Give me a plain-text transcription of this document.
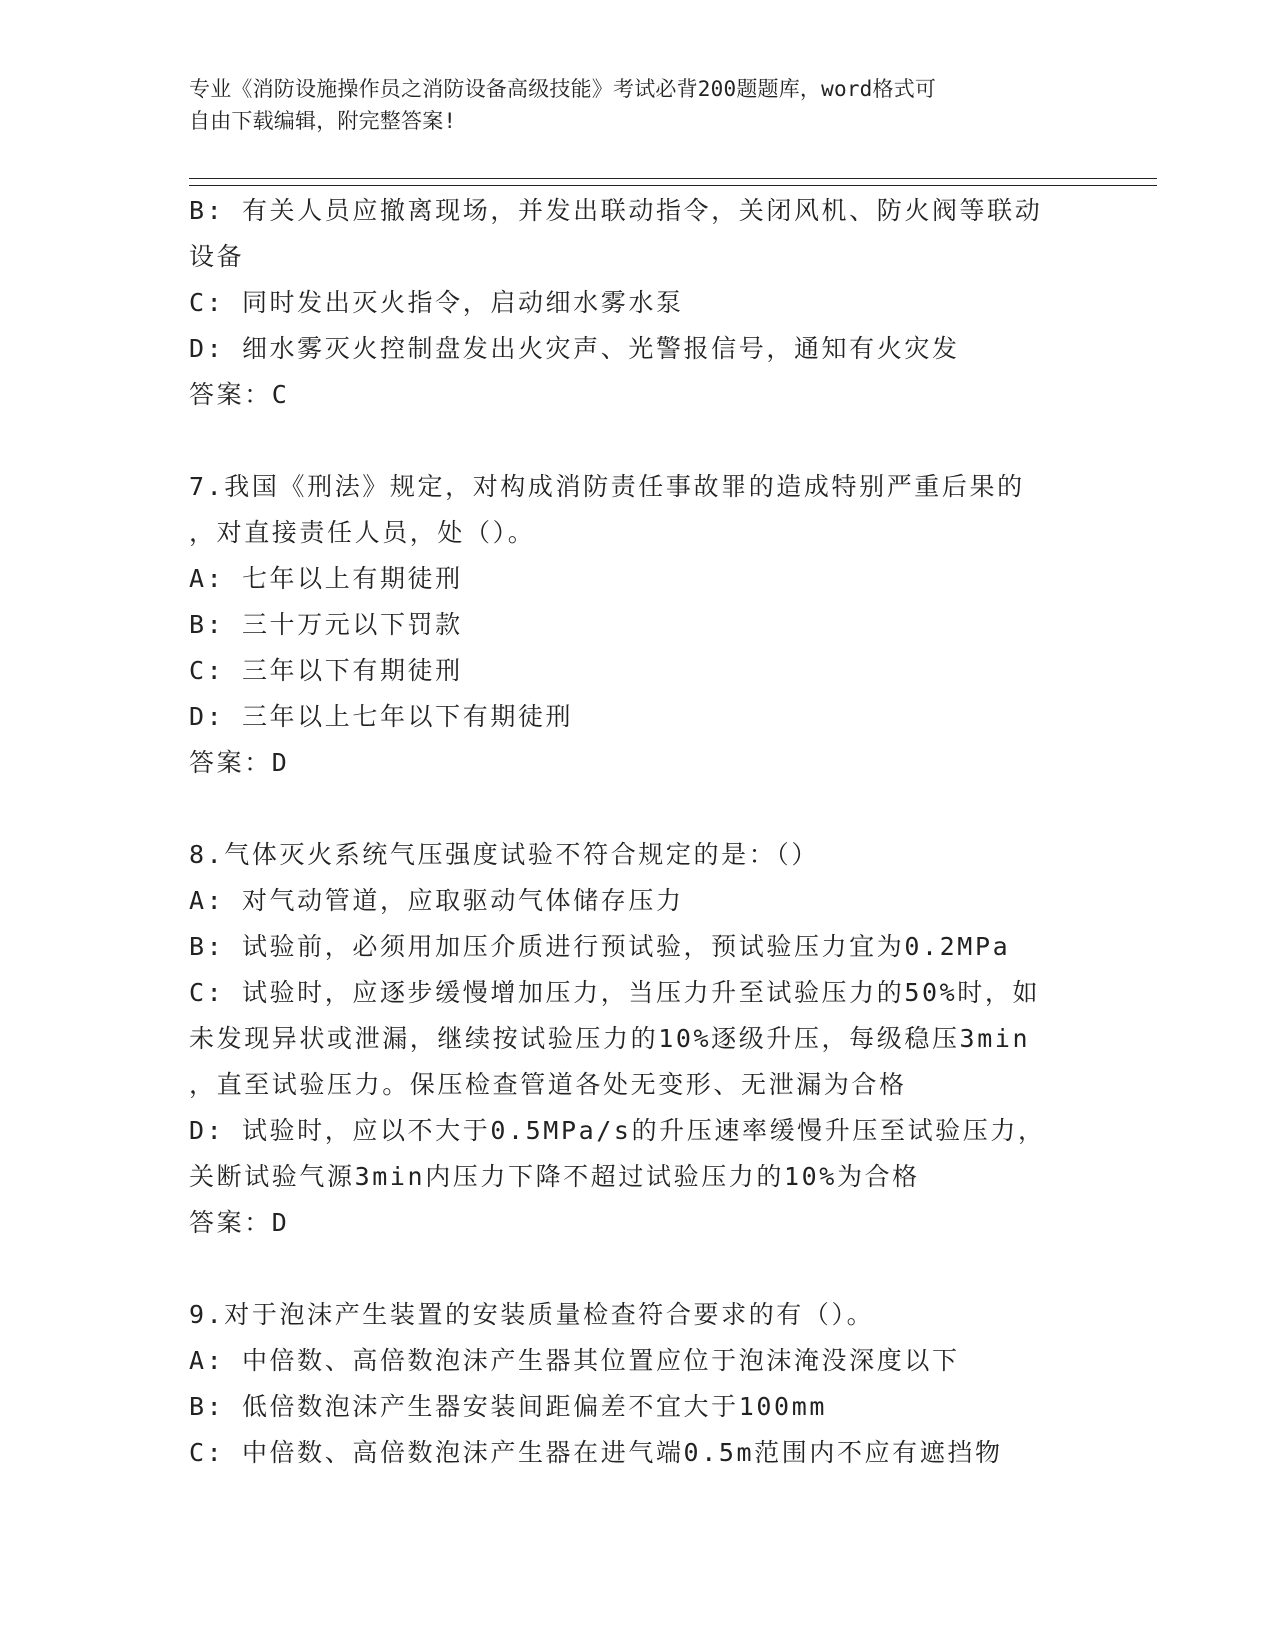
专业《消防设施操作员之消防设备高级技能》考试必背200题题库，word格式可
自由下载编辑，附完整答案!
B: 有关人员应撤离现场，并发出联动指令，关闭风机、防火阀等联动
设备
C: 同时发出灭火指令，启动细水雾水泵
D: 细水雾灭火控制盘发出火灾声、光警报信号，通知有火灾发
答案：C
7.我国《刑法》规定，对构成消防责任事故罪的造成特别严重后果的
，对直接责任人员，处（）。
A: 七年以上有期徒刑
B: 三十万元以下罚款
C: 三年以下有期徒刑
D: 三年以上七年以下有期徒刑
答案：D
8.气体灭火系统气压强度试验不符合规定的是：（）
A: 对气动管道，应取驱动气体储存压力
B: 试验前，必须用加压介质进行预试验，预试验压力宜为0.2MPa
C: 试验时，应逐步缓慢增加压力，当压力升至试验压力的50%时，如
未发现异状或泄漏，继续按试验压力的10%逐级升压，每级稳压3min
，直至试验压力。保压检查管道各处无变形、无泄漏为合格
D: 试验时，应以不大于0.5MPa/s的升压速率缓慢升压至试验压力，
关断试验气源3min内压力下降不超过试验压力的10%为合格
答案：D
9.对于泡沫产生装置的安装质量检查符合要求的有（）。
A: 中倍数、高倍数泡沫产生器其位置应位于泡沫淹没深度以下
B: 低倍数泡沫产生器安装间距偏差不宜大于100mm
C: 中倍数、高倍数泡沫产生器在进气端0.5m范围内不应有遮挡物
